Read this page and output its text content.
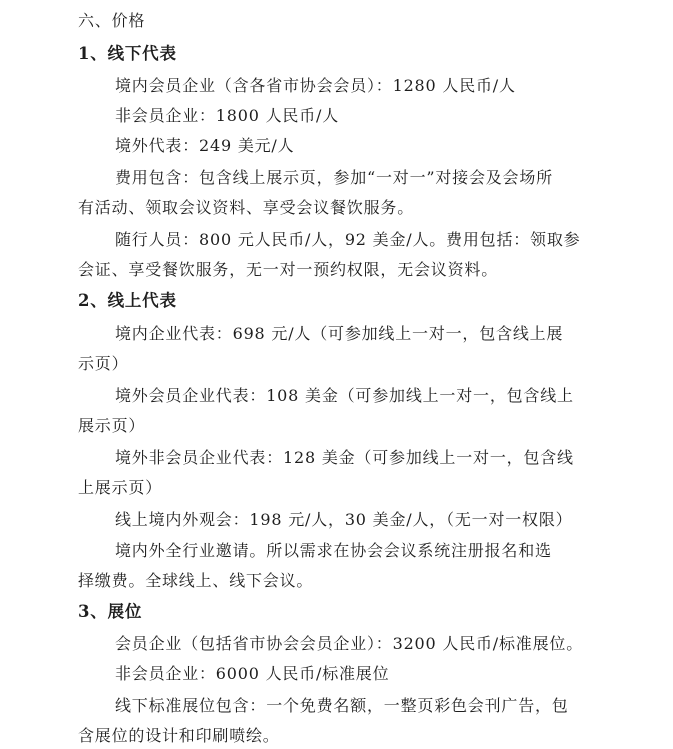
六、价格
1、线下代表
境内会员企业（含各省市协会会员）：1280 人民币/人
非会员企业：1800 人民币/人
境外代表：249 美元/人
费用包含：包含线上展示页，参加“一对一”对接会及会场所
有活动、领取会议资料、享受会议餐饮服务。
随行人员：800 元人民币/人，92 美金/人。费用包括：领取参
会证、享受餐饮服务，无一对一预约权限，无会议资料。
2、线上代表
境内企业代表：698 元/人（可参加线上一对一，包含线上展
示页）
境外会员企业代表：108 美金（可参加线上一对一，包含线上
展示页）
境外非会员企业代表：128 美金（可参加线上一对一，包含线
上展示页）
线上境内外观会：198 元/人，30 美金/人，（无一对一权限）
境内外全行业邀请。所以需求在协会会议系统注册报名和选
择缴费。全球线上、线下会议。
3、展位
会员企业（包括省市协会会员企业）：3200 人民币/标准展位。
非会员企业：6000 人民币/标准展位
线下标准展位包含：一个免费名额，一整页彩色会刊广告，包
含展位的设计和印刷喷绘。
